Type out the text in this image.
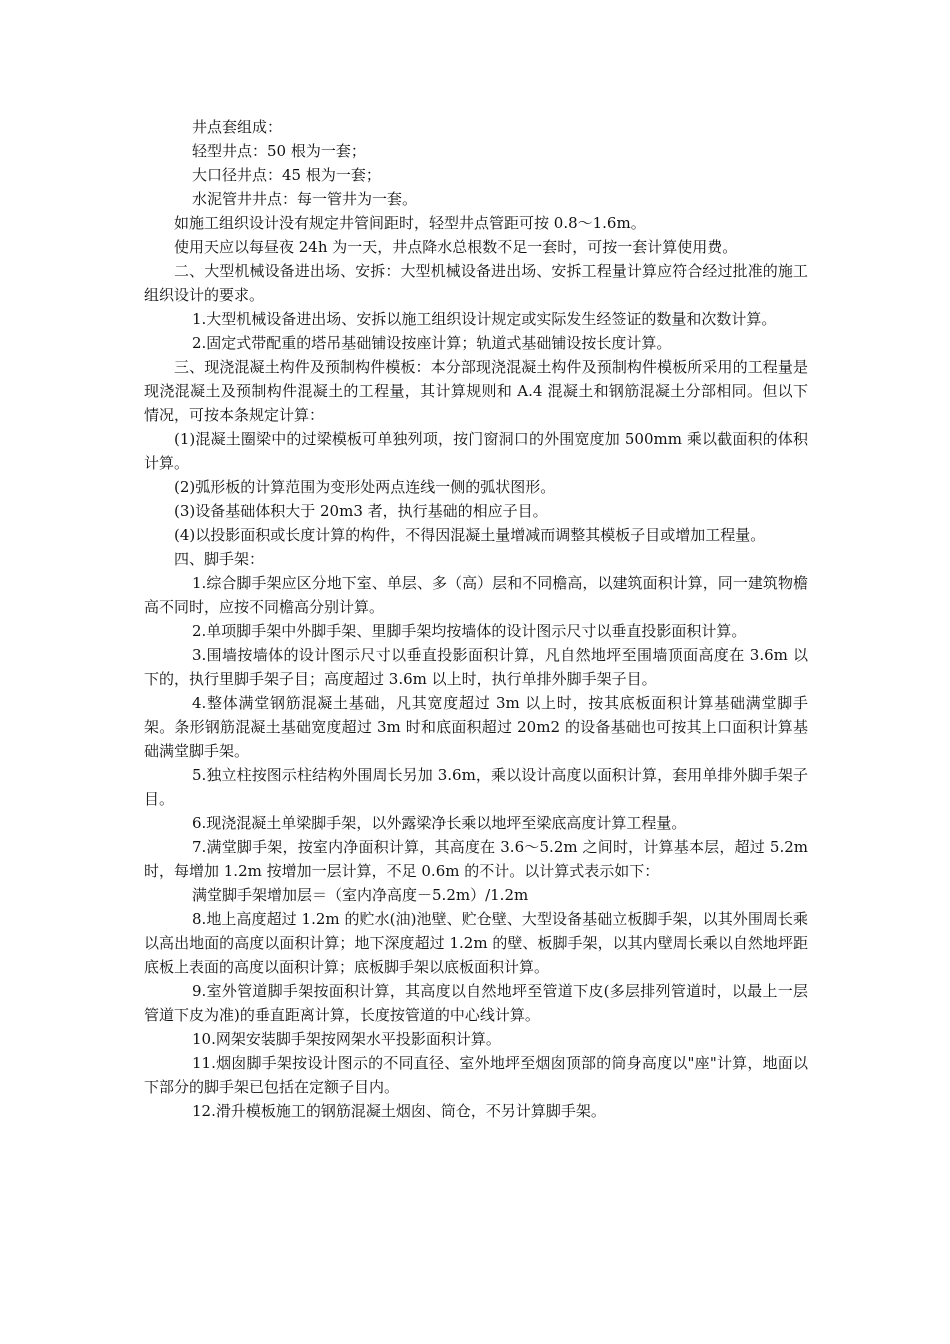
井点套组成：

轻型井点：50 根为一套；

大口径井点：45 根为一套；

水泥管井井点：每一管井为一套。

如施工组织设计没有规定井管间距时，轻型井点管距可按 0.8～1.6m。

使用天应以每昼夜 24h 为一天，井点降水总根数不足一套时，可按一套计算使用费。

二、大型机械设备进出场、安拆：大型机械设备进出场、安拆工程量计算应符合经过批准的施工组织设计的要求。

1.大型机械设备进出场、安拆以施工组织设计规定或实际发生经签证的数量和次数计算。

2.固定式带配重的塔吊基础铺设按座计算；轨道式基础铺设按长度计算。

三、现浇混凝土构件及预制构件模板：本分部现浇混凝土构件及预制构件模板所采用的工程量是现浇混凝土及预制构件混凝土的工程量，其计算规则和 A.4 混凝土和钢筋混凝土分部相同。但以下情况，可按本条规定计算：

(1)混凝土圈梁中的过梁模板可单独列项，按门窗洞口的外围宽度加 500mm 乘以截面积的体积计算。

(2)弧形板的计算范围为变形处两点连线一侧的弧状图形。

(3)设备基础体积大于 20m3 者，执行基础的相应子目。

(4)以投影面积或长度计算的构件，不得因混凝土量增减而调整其模板子目或增加工程量。

四、脚手架：

1.综合脚手架应区分地下室、单层、多（高）层和不同檐高，以建筑面积计算，同一建筑物檐高不同时，应按不同檐高分别计算。

2.单项脚手架中外脚手架、里脚手架均按墙体的设计图示尺寸以垂直投影面积计算。

3.围墙按墙体的设计图示尺寸以垂直投影面积计算，凡自然地坪至围墙顶面高度在 3.6m 以下的，执行里脚手架子目；高度超过 3.6m 以上时，执行单排外脚手架子目。

4.整体满堂钢筋混凝土基础，凡其宽度超过 3m 以上时，按其底板面积计算基础满堂脚手架。条形钢筋混凝土基础宽度超过 3m 时和底面积超过 20m2 的设备基础也可按其上口面积计算基础满堂脚手架。

5.独立柱按图示柱结构外围周长另加 3.6m，乘以设计高度以面积计算，套用单排外脚手架子目。

6.现浇混凝土单梁脚手架，以外露梁净长乘以地坪至梁底高度计算工程量。

7.满堂脚手架，按室内净面积计算，其高度在 3.6～5.2m 之间时，计算基本层，超过 5.2m 时，每增加 1.2m 按增加一层计算，不足 0.6m 的不计。以计算式表示如下：

满堂脚手架增加层＝（室内净高度－5.2m）/1.2m

8.地上高度超过 1.2m 的贮水(油)池壁、贮仓壁、大型设备基础立板脚手架，以其外围周长乘以高出地面的高度以面积计算；地下深度超过 1.2m 的壁、板脚手架，以其内壁周长乘以自然地坪距底板上表面的高度以面积计算；底板脚手架以底板面积计算。

9.室外管道脚手架按面积计算，其高度以自然地坪至管道下皮(多层排列管道时，以最上一层管道下皮为准)的垂直距离计算，长度按管道的中心线计算。

10.网架安装脚手架按网架水平投影面积计算。

11.烟囱脚手架按设计图示的不同直径、室外地坪至烟囱顶部的筒身高度以"座"计算，地面以下部分的脚手架已包括在定额子目内。

12.滑升模板施工的钢筋混凝土烟囱、筒仓，不另计算脚手架。
